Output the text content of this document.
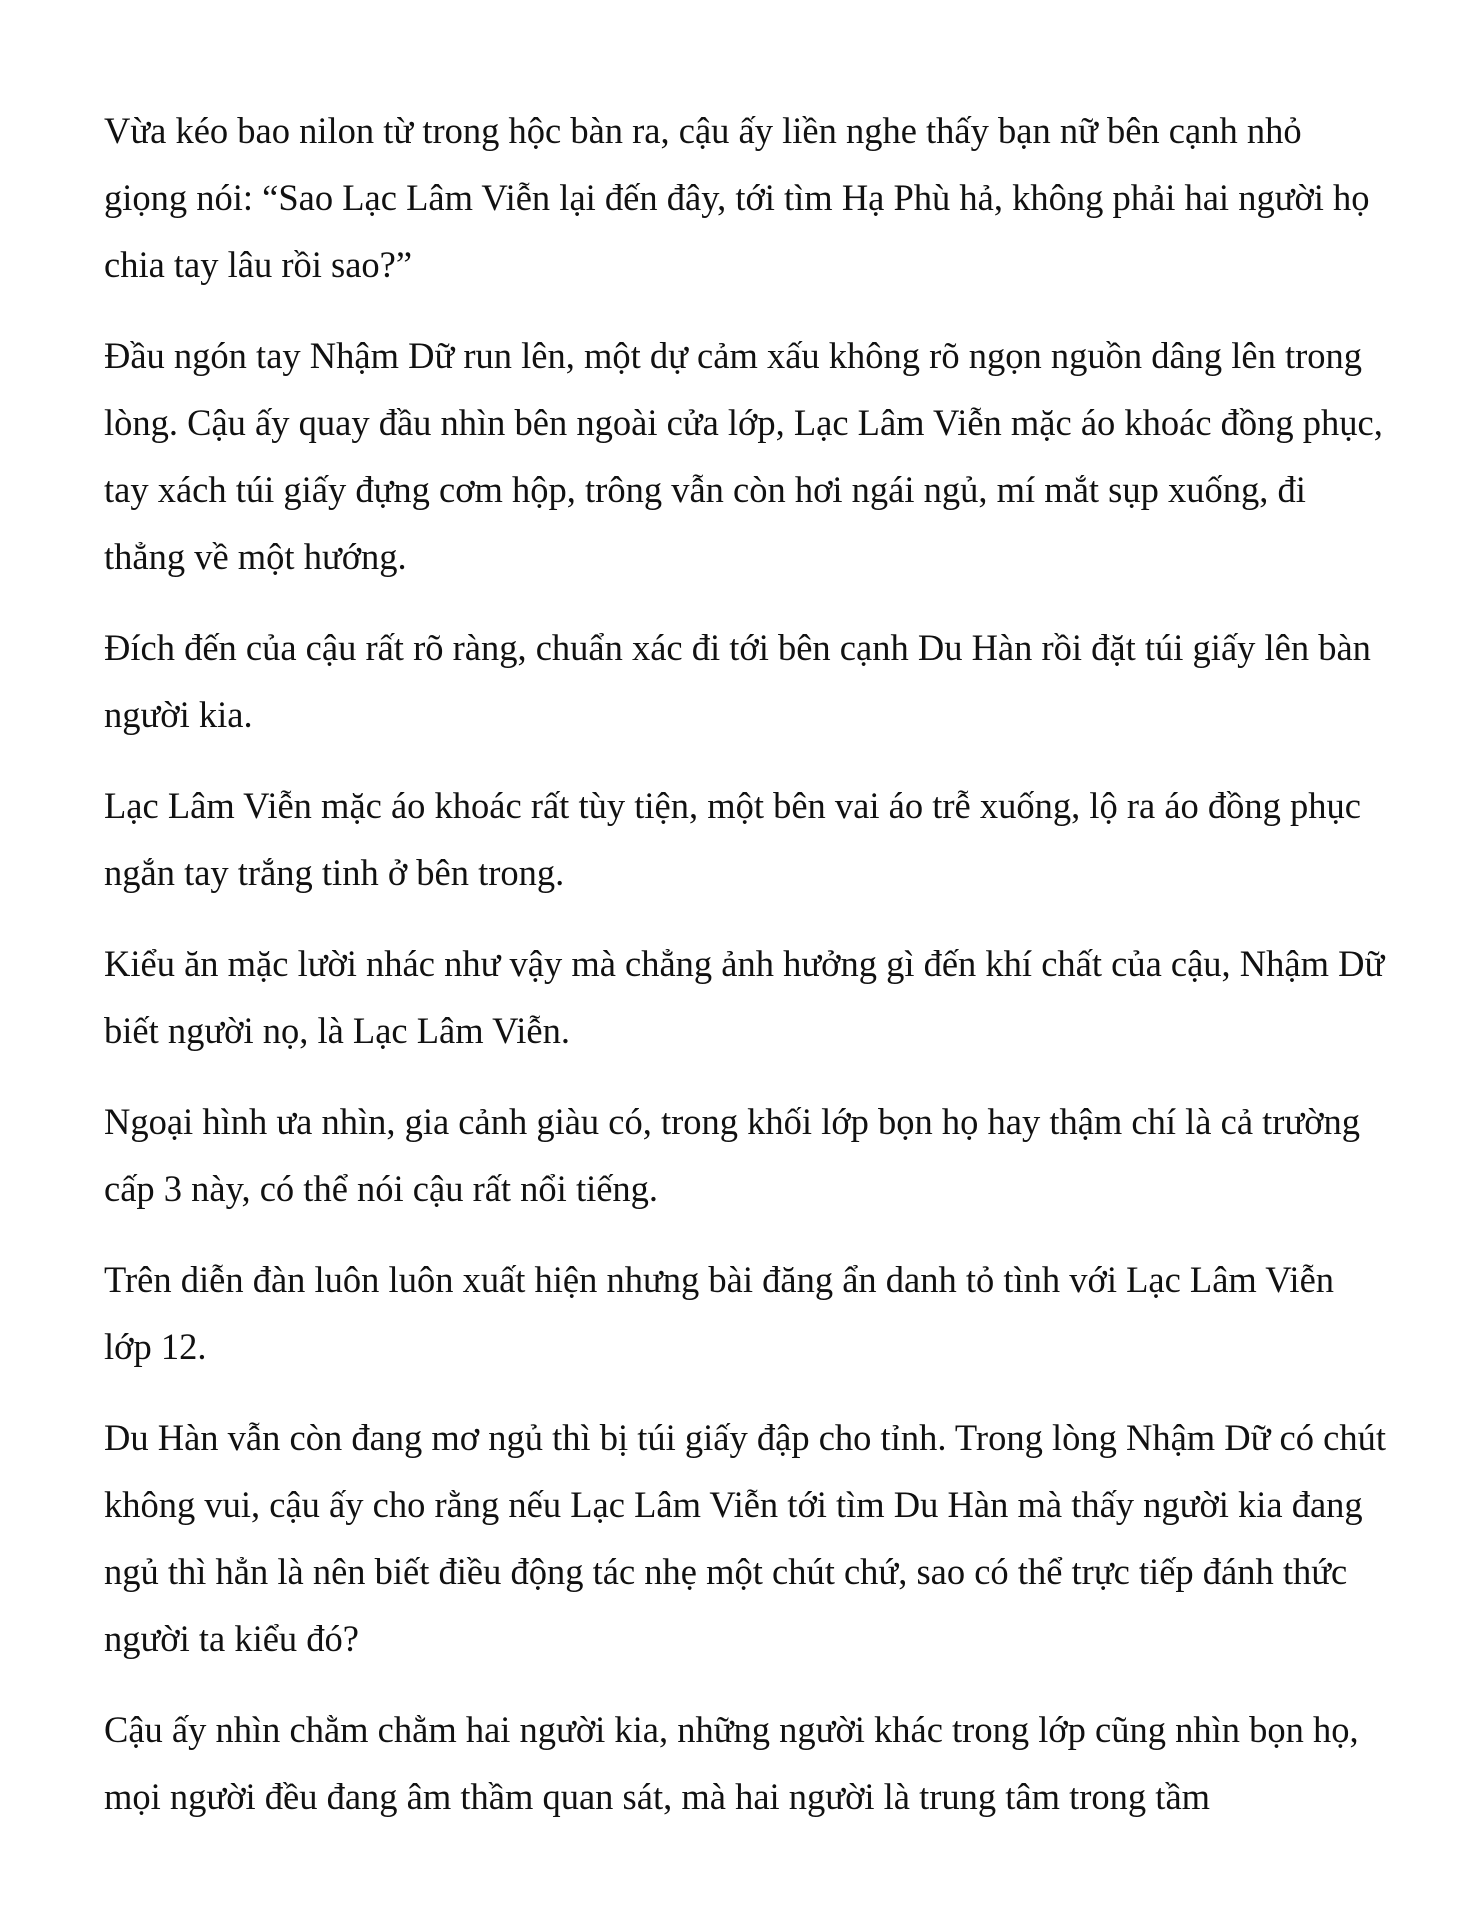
Vừa kéo bao nilon từ trong hộc bàn ra, cậu ấy liền nghe thấy bạn nữ bên cạnh nhỏ giọng nói: “Sao Lạc Lâm Viễn lại đến đây, tới tìm Hạ Phù hả, không phải hai người họ chia tay lâu rồi sao?”

Đầu ngón tay Nhậm Dữ run lên, một dự cảm xấu không rõ ngọn nguồn dâng lên trong lòng. Cậu ấy quay đầu nhìn bên ngoài cửa lớp, Lạc Lâm Viễn mặc áo khoác đồng phục, tay xách túi giấy đựng cơm hộp, trông vẫn còn hơi ngái ngủ, mí mắt sụp xuống, đi thẳng về một hướng.

Đích đến của cậu rất rõ ràng, chuẩn xác đi tới bên cạnh Du Hàn rồi đặt túi giấy lên bàn người kia.

Lạc Lâm Viễn mặc áo khoác rất tùy tiện, một bên vai áo trễ xuống, lộ ra áo đồng phục ngắn tay trắng tinh ở bên trong.

Kiểu ăn mặc lười nhác như vậy mà chẳng ảnh hưởng gì đến khí chất của cậu, Nhậm Dữ biết người nọ, là Lạc Lâm Viễn.

Ngoại hình ưa nhìn, gia cảnh giàu có, trong khối lớp bọn họ hay thậm chí là cả trường cấp 3 này, có thể nói cậu rất nổi tiếng.

Trên diễn đàn luôn luôn xuất hiện nhưng bài đăng ẩn danh tỏ tình với Lạc Lâm Viễn lớp 12.

Du Hàn vẫn còn đang mơ ngủ thì bị túi giấy đập cho tỉnh. Trong lòng Nhậm Dữ có chút không vui, cậu ấy cho rằng nếu Lạc Lâm Viễn tới tìm Du Hàn mà thấy người kia đang ngủ thì hẳn là nên biết điều động tác nhẹ một chút chứ, sao có thể trực tiếp đánh thức người ta kiểu đó?

Cậu ấy nhìn chằm chằm hai người kia, những người khác trong lớp cũng nhìn bọn họ, mọi người đều đang âm thầm quan sát, mà hai người là trung tâm trong tầm
